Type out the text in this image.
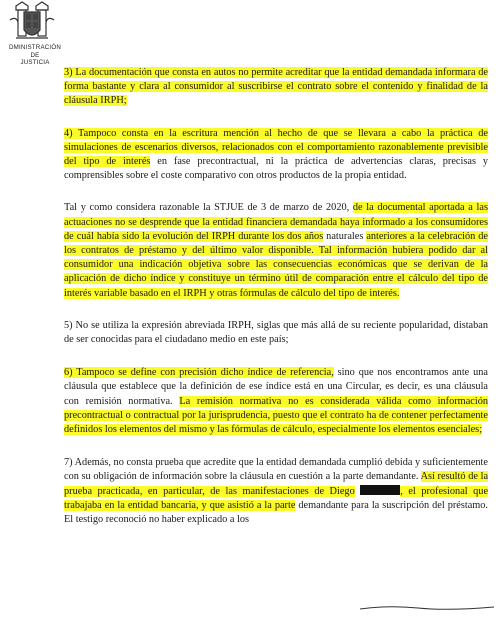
DMINISTRACIÓN
DE
JUSTICIA

3) La documentación que consta en autos no permite acreditar que la entidad demandada informara de forma bastante y clara al consumidor al suscribirse el contrato sobre el contenido y finalidad de la cláusula IRPH;

4) Tampoco consta en la escritura mención al hecho de que se llevara a cabo la práctica de simulaciones de escenarios diversos, relacionados con el comportamiento razonablemente previsible del tipo de interés en fase precontractual, ni la práctica de advertencias claras, precisas y comprensibles sobre el coste comparativo con otros productos de la propia entidad.

Tal y como considera razonable la STJUE de 3 de marzo de 2020, de la documental aportada a las actuaciones no se desprende que la entidad financiera demandada haya informado a los consumidores de cuál había sido la evolución del IRPH durante los dos años naturales anteriores a la celebración de los contratos de préstamo y del último valor disponible. Tal información hubiera podido dar al consumidor una indicación objetiva sobre las consecuencias económicas que se derivan de la aplicación de dicho índice y constituye un término útil de comparación entre el cálculo del tipo de interés variable basado en el IRPH y otras fórmulas de cálculo del tipo de interés.

5) No se utiliza la expresión abreviada IRPH, siglas que más allá de su reciente popularidad, distaban de ser conocidas para el ciudadano medio en este país;

6) Tampoco se define con precisión dicho índice de referencia, sino que nos encontramos ante una cláusula que establece que la definición de ese índice está en una Circular, es decir, es una cláusula con remisión normativa. La remisión normativa no es considerada válida como información precontractual o contractual por la jurisprudencia, puesto que el contrato ha de contener perfectamente definidos los elementos del mismo y las fórmulas de cálculo, especialmente los elementos esenciales;

7) Además, no consta prueba que acredite que la entidad demandada cumplió debida y suficientemente con su obligación de información sobre la cláusula en cuestión a la parte demandante. Así resultó de la prueba practicada, en particular, de las manifestaciones de Diego	, el profesional que trabajaba en la entidad bancaria, y que asistió a la parte demandante para la suscripción del préstamo. El testigo reconoció no haber explicado a los
